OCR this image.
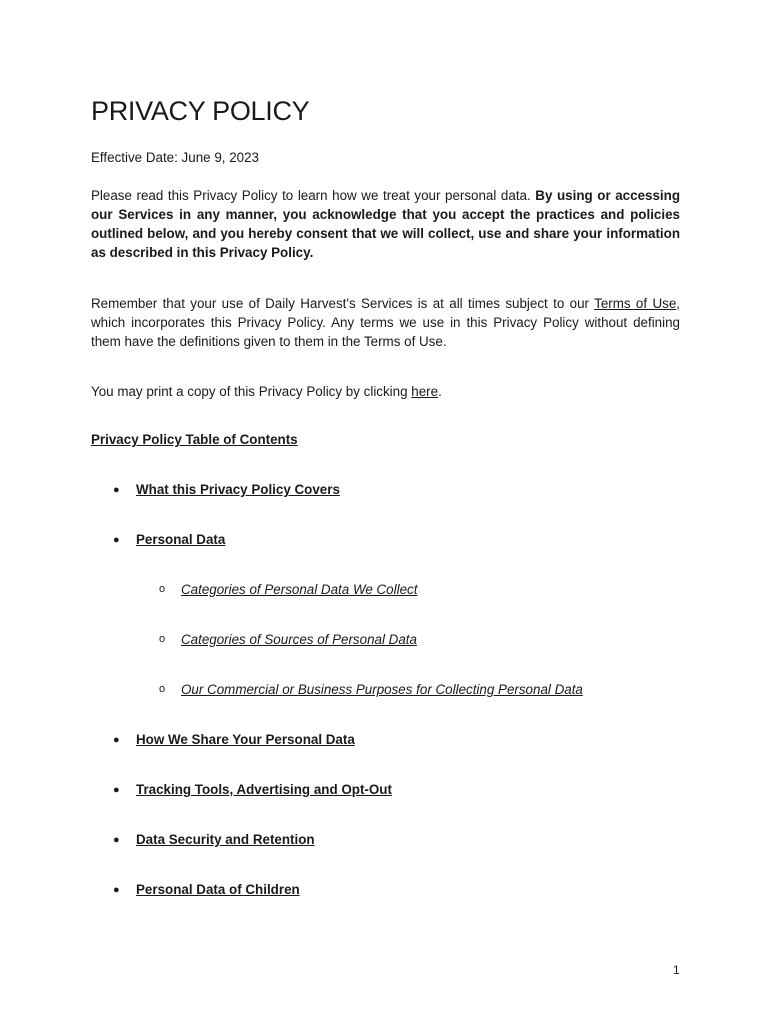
PRIVACY POLICY

Effective Date: June 9, 2023

Please read this Privacy Policy to learn how we treat your personal data. By using or accessing our Services in any manner, you acknowledge that you accept the practices and policies outlined below, and you hereby consent that we will collect, use and share your information as described in this Privacy Policy.

Remember that your use of Daily Harvest's Services is at all times subject to our Terms of Use, which incorporates this Privacy Policy. Any terms we use in this Privacy Policy without defining them have the definitions given to them in the Terms of Use.

You may print a copy of this Privacy Policy by clicking here.

Privacy Policy Table of Contents

● What this Privacy Policy Covers
● Personal Data
o Categories of Personal Data We Collect
o Categories of Sources of Personal Data
o Our Commercial or Business Purposes for Collecting Personal Data
● How We Share Your Personal Data
● Tracking Tools, Advertising and Opt-Out
● Data Security and Retention
● Personal Data of Children

1
